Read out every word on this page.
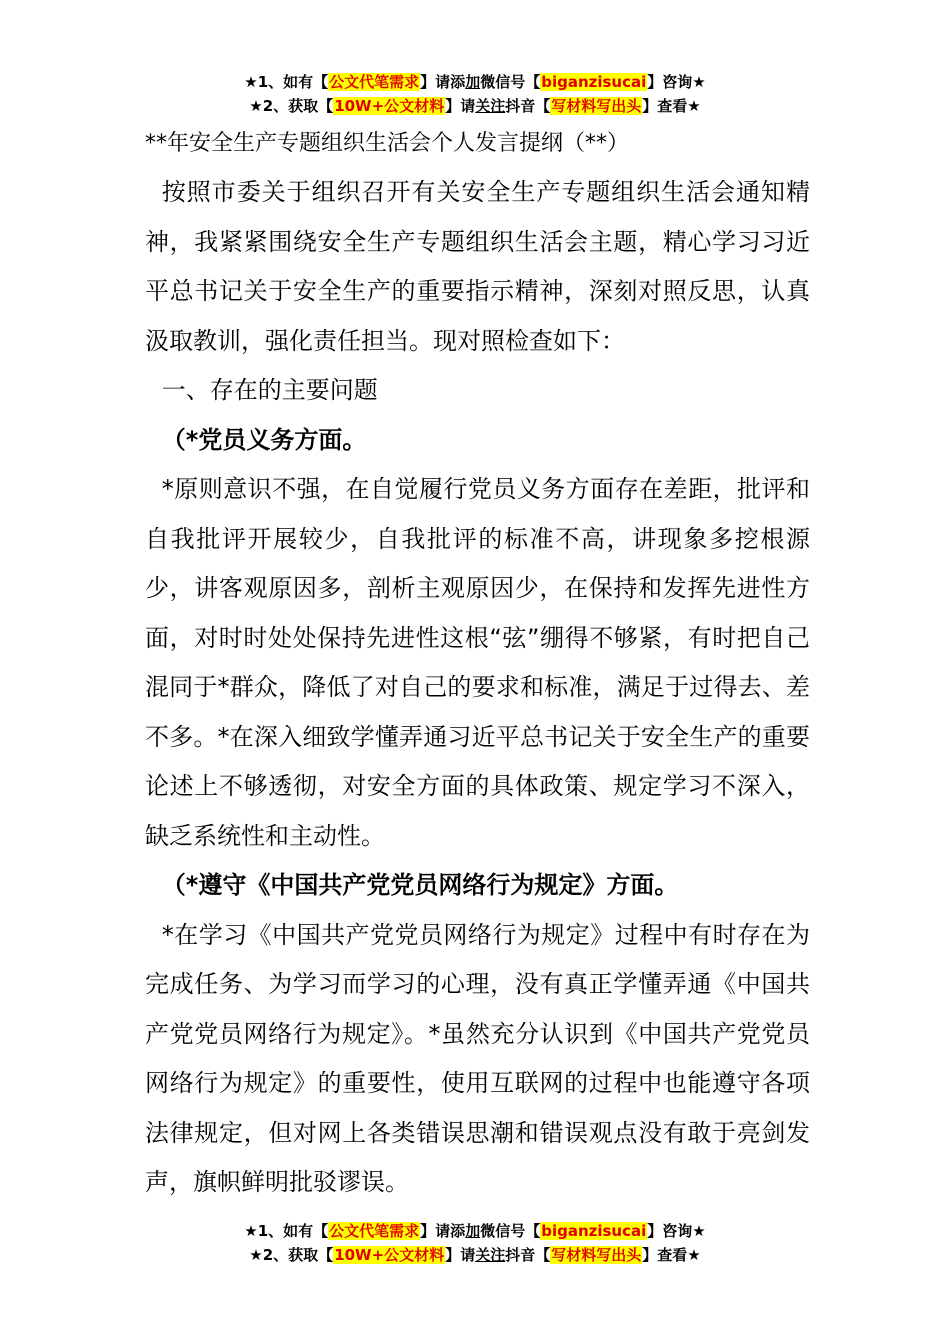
★1、如有【公文代笔需求】请添加微信号【biganzisucai】咨询★
★2、获取【10W+公文材料】请关注抖音【写材料写出头】查看★

**年安全生产专题组织生活会个人发言提纲（**）

按照市委关于组织召开有关安全生产专题组织生活会通知精神，我紧紧围绕安全生产专题组织生活会主题，精心学习习近平总书记关于安全生产的重要指示精神，深刻对照反思，认真汲取教训，强化责任担当。现对照检查如下：

一、存在的主要问题

（*党员义务方面。

*原则意识不强，在自觉履行党员义务方面存在差距，批评和自我批评开展较少，自我批评的标准不高，讲现象多挖根源少，讲客观原因多，剖析主观原因少，在保持和发挥先进性方面，对时时处处保持先进性这根“弦”绷得不够紧，有时把自己混同于*群众，降低了对自己的要求和标准，满足于过得去、差不多。*在深入细致学懂弄通习近平总书记关于安全生产的重要论述上不够透彻，对安全方面的具体政策、规定学习不深入，缺乏系统性和主动性。

（*遵守《中国共产党党员网络行为规定》方面。

*在学习《中国共产党党员网络行为规定》过程中有时存在为完成任务、为学习而学习的心理，没有真正学懂弄通《中国共产党党员网络行为规定》。*虽然充分认识到《中国共产党党员网络行为规定》的重要性，使用互联网的过程中也能遵守各项法律规定，但对网上各类错误思潮和错误观点没有敢于亮剑发声，旗帜鲜明批驳谬误。

★1、如有【公文代笔需求】请添加微信号【biganzisucai】咨询★
★2、获取【10W+公文材料】请关注抖音【写材料写出头】查看★
